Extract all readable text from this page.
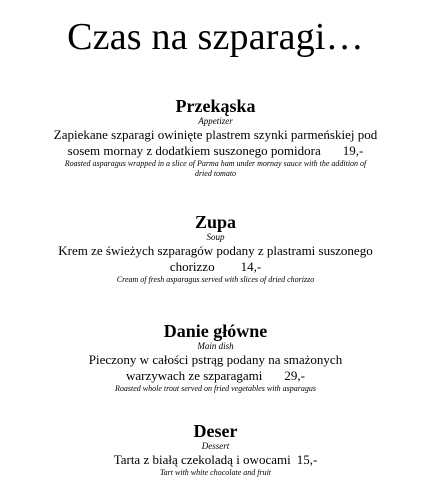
Czas na szparagi…
Przekąska
Appetizer
Zapiekane szparagi owinięte plastrem szynki parmeńskiej pod
sosem mornay z dodatkiem suszonego pomidora 19,-
Roasted asparagus wrapped in a slice of Parma ham under mornay sauce with the addition of
dried tomato
Zupa
Soup
Krem ze świeżych szparagów podany z plastrami suszonego
chorizzo 14,-
Cream of fresh asparagus served with slices of dried chorizzo
Danie główne
Main dish
Pieczony w całości pstrąg podany na smażonych
warzywach ze szparagami 29,-
Roasted whole trout served on fried vegetables with asparagus
Deser
Dessert
Tarta z białą czekoladą i owocami 15,-
Tart with white chocolate and fruit
